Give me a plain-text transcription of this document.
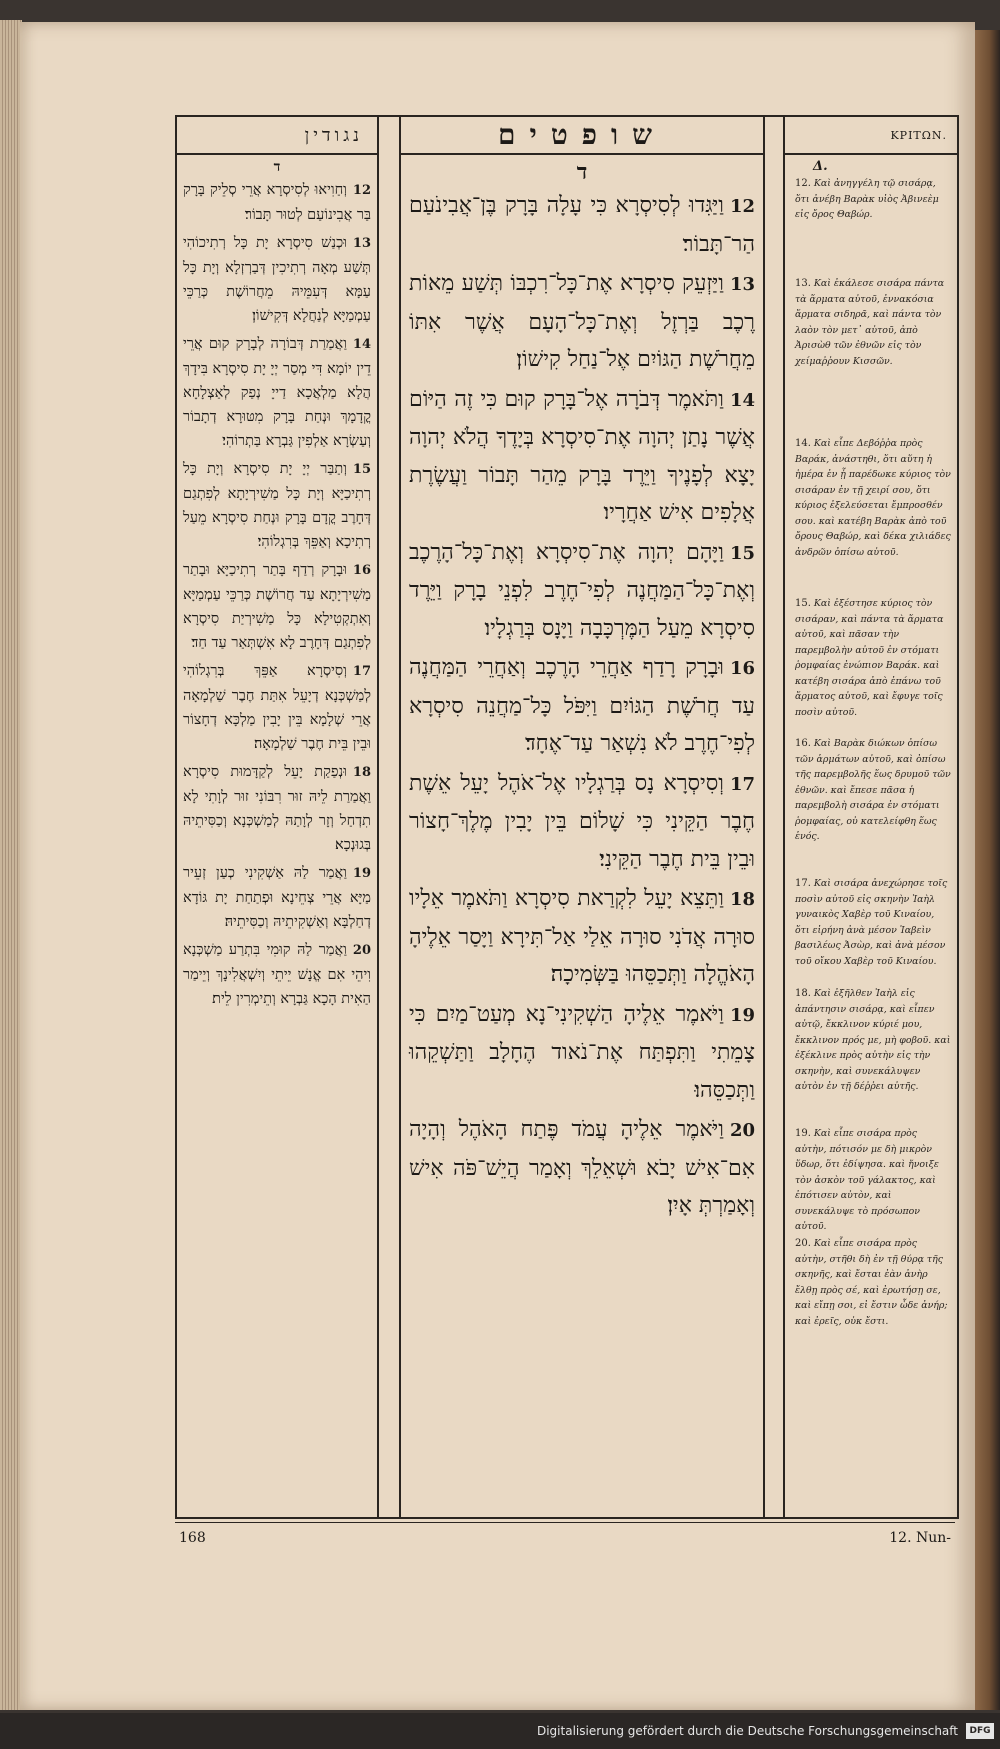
נגודין
ד
12וְחַוִיאוּ לְסִיסְרָא אֲרֵי סְלֵיק בָּרָק בַּר אֲבִינוֹעַם לְטוּר תָּבוֹר׃
13וּכְנַשׁ סִיסְרָא יָת כָּל רְתִיכוֹהִי תְּשַׁע מְאָה רְתִיכִין דְּבַרְזְלָא וְיָת כָּל עַמָּא דְּעִמֵּיהּ מֵחֲרוֹשֶׁת כְּרַכֵּי עַמְמַיָּא לְנַחֲלָא דְּקִישׁוֹן׃
14וַאֲמַרַת דְּבוֹרָה לְבָרָק קוּם אֲרֵי דֵין יוֹמָא דִּי מְסַר יְיָ יָת סִיסְרָא בִּידָךְ הֲלָא מַלְאֲכָא דַייָ נְפַק לְאַצְלָחָא קֳדָמָךְ וּנְחַת בָּרָק מִטּוּרָא דְתָבוֹר וְעַשְׂרָא אַלְפִין גַּבְרָא בַּתְרוֹהִי׃
15וְתַבַּר יְיָ יָת סִיסְרָא וְיָת כָּל רְתִיכַיָּא וְיָת כָּל מַשִׁירְיָתָא לְפִתְגַם דְּחָרֶב קֳדָם בָּרָק וּנְחַת סִיסְרָא מֵעַל רְתִיכָא וְאַפֵּךְ בְּרִגְלוֹהִי׃
16וּבָרָק רְדַף בָּתַר רְתִיכַיָּא וּבָתַר מַשִׁירְיָתָא עַד חֲרוֹשֶׁת כְּרַכֵּי עַמְמַיָּא וְאִתְקְטִילָא כָּל מַשִׁירְיַת סִיסְרָא לְפִתְגַם דְּחָרֶב לָא אִשְׁתְּאַר עַד חַד׃
17וְסִיסְרָא אַפֵּךְ בְּרִגְלוֹהִי לְמַשְׁכְּנָא דְיָעֵל אִתַּת חֶבֶר שַׁלְמָאָה אֲרֵי שְׁלָמָא בֵּין יָבִין מַלְכָּא דְחָצוֹר וּבֵין בֵּית חֶבֶר שַׁלְמָאָה׃
18וּנְפַקַת יָעֵל לְקַדָּמוּת סִיסְרָא וַאֲמַרַת לֵיהּ זוּר רִבּוֹנִי זוּר לְוָתִי לָא תִדְחַל וְזָר לְוָתַהּ לְמַשְׁכְּנָא וְכַסִּיתֵיהּ בְּגוּנְכָא׃
19וַאֲמַר לַהּ אַשְׁקִינִי כְעַן זְעֵיר מַיָּא אֲרֵי צְחֵינָא וּפְתַחַת יָת גּוֹדָא דְחַלְבָּא וְאַשְׁקִיתֵיהּ וְכַסִּיתֵיהּ׃
20וַאֲמַר לַהּ קוּמִי בִּתְרַע מַשְׁכְּנָא וִיהֵי אִם אֱנָשׁ יֵיתֵי וְיִשְׁאֲלִינָךְ וְיֵימַר הַאִית הָכָא גַּבְרָא וְתֵימְרִין לֵית׃
שופטים
ד
12וַיַּגִּדוּ לְסִיסְרָא כִּי עָלָה בָּרָק בֶּן־אֲבִינֹעַם הַר־תָּבוֹר׃
13וַיַּזְעֵק סִיסְרָא אֶת־כָּל־רִכְבּוֹ תְּשַׁע מֵאוֹת רֶכֶב בַּרְזֶל וְאֶת־כָּל־הָעָם אֲשֶׁר אִתּוֹ מֵחֲרֹשֶׁת הַגּוֹיִם אֶל־נַחַל קִישׁוֹן׃
14וַתֹּאמֶר דְּבֹרָה אֶל־בָּרָק קוּם כִּי זֶה הַיּוֹם אֲשֶׁר נָתַן יְהוָה אֶת־סִיסְרָא בְּיָדֶךָ הֲלֹא יְהוָה יָצָא לְפָנֶיךָ וַיֵּרֶד בָּרָק מֵהַר תָּבוֹר וַעֲשֶׂרֶת אֲלָפִים אִישׁ אַחֲרָיו׃
15וַיָּהָם יְהוָה אֶת־סִיסְרָא וְאֶת־כָּל־הָרֶכֶב וְאֶת־כָּל־הַמַּחֲנֶה לְפִי־חֶרֶב לִפְנֵי בָרָק וַיֵּרֶד סִיסְרָא מֵעַל הַמֶּרְכָּבָה וַיָּנָס בְּרַגְלָיו׃
16וּבָרָק רָדַף אַחֲרֵי הָרֶכֶב וְאַחֲרֵי הַמַּחֲנֶה עַד חֲרֹשֶׁת הַגּוֹיִם וַיִּפֹּל כָּל־מַחֲנֵה סִיסְרָא לְפִי־חֶרֶב לֹא נִשְׁאַר עַד־אֶחָד׃
17וְסִיסְרָא נָס בְּרַגְלָיו אֶל־אֹהֶל יָעֵל אֵשֶׁת חֶבֶר הַקֵּינִי כִּי שָׁלוֹם בֵּין יָבִין מֶלֶךְ־חָצוֹר וּבֵין בֵּית חֶבֶר הַקֵּינִי׃
18וַתֵּצֵא יָעֵל לִקְרַאת סִיסְרָא וַתֹּאמֶר אֵלָיו סוּרָה אֲדֹנִי סוּרָה אֵלַי אַל־תִּירָא וַיָּסַר אֵלֶיהָ הָאֹהֱלָה וַתְּכַסֵּהוּ בַּשְּׂמִיכָה׃
19וַיֹּאמֶר אֵלֶיהָ הַשְׁקִינִי־נָא מְעַט־מַיִם כִּי צָמֵתִי וַתִּפְתַּח אֶת־נֹאוד הֶחָלָב וַתַּשְׁקֵהוּ וַתְּכַסֵּהוּ׃
20וַיֹּאמֶר אֵלֶיהָ עֲמֹד פֶּתַח הָאֹהֶל וְהָיָה אִם־אִישׁ יָבֹא וּשְׁאֵלֵךְ וְאָמַר הֲיֵשׁ־פֹּה אִישׁ וְאָמַרְתְּ אָיִן׃
ΚΡΙΤΩΝ.
Δ.
12. Καὶ ἀνηγγέλη τῷ σισάρᾳ, ὅτι ἀνέβη Βαρὰκ υἱὸς Ἀβινεὲμ εἰς ὄρος Θαβώρ.
13. Καὶ ἐκάλεσε σισάρα πάντα τὰ ἅρματα αὐτοῦ, ἐννακόσια ἅρματα σιδηρᾶ, καὶ πάντα τὸν λαὸν τὸν μετ᾽ αὐτοῦ, ἀπὸ Ἀρισὼθ τῶν ἐθνῶν εἰς τὸν χείμαῤῥουν Κισσῶν.
14. Καὶ εἶπε Δεβόῤῥα πρὸς Βαράκ, ἀνάστηθι, ὅτι αὕτη ἡ ἡμέρα ἐν ᾗ παρέδωκε κύριος τὸν σισάραν ἐν τῇ χειρί σου, ὅτι κύριος ἐξελεύσεται ἔμπροσθέν σου. καὶ κατέβη Βαρὰκ ἀπὸ τοῦ ὄρους Θαβώρ, καὶ δέκα χιλιάδες ἀνδρῶν ὀπίσω αὐτοῦ.
15. Καὶ ἐξέστησε κύριος τὸν σισάραν, καὶ πάντα τὰ ἅρματα αὐτοῦ, καὶ πᾶσαν τὴν παρεμβολὴν αὐτοῦ ἐν στόματι ῥομφαίας ἐνώπιον Βαράκ. καὶ κατέβη σισάρα ἀπὸ ἐπάνω τοῦ ἅρματος αὐτοῦ, καὶ ἔφυγε τοῖς ποσὶν αὐτοῦ.
16. Καὶ Βαρὰκ διώκων ὀπίσω τῶν ἁρμάτων αὐτοῦ, καὶ ὀπίσω τῆς παρεμβολῆς ἕως δρυμοῦ τῶν ἐθνῶν. καὶ ἔπεσε πᾶσα ἡ παρεμβολὴ σισάρα ἐν στόματι ῥομφαίας, οὐ κατελείφθη ἕως ἑνός.
17. Καὶ σισάρα ἀνεχώρησε τοῖς ποσὶν αὐτοῦ εἰς σκηνὴν Ἰαὴλ γυναικὸς Χαβὲρ τοῦ Κιναίου, ὅτι εἰρήνη ἀνὰ μέσον Ἰαβεὶν βασιλέως Ἀσὼρ, καὶ ἀνὰ μέσον τοῦ οἴκου Χαβὲρ τοῦ Κιναίου.
18. Καὶ ἐξῆλθεν Ἰαὴλ εἰς ἀπάντησιν σισάρᾳ, καὶ εἶπεν αὐτῷ, ἔκκλινον κύριέ μου, ἔκκλινον πρός με, μὴ φοβοῦ. καὶ ἐξέκλινε πρὸς αὐτὴν εἰς τὴν σκηνὴν, καὶ συνεκάλυψεν αὐτὸν ἐν τῇ δέῤῥει αὐτῆς.
19. Καὶ εἶπε σισάρα πρὸς αὐτὴν, πότισόν με δὴ μικρὸν ὕδωρ, ὅτι ἐδίψησα. καὶ ἤνοιξε τὸν ἀσκὸν τοῦ γάλακτος, καὶ ἐπότισεν αὐτὸν, καὶ συνεκάλυψε τὸ πρόσωπον αὐτοῦ.
20. Καὶ εἶπε σισάρα πρὸς αὐτὴν, στῆθι δὴ ἐν τῇ θύρᾳ τῆς σκηνῆς, καὶ ἔσται ἐὰν ἀνὴρ ἔλθῃ πρὸς σέ, καὶ ἐρωτήσῃ σε, καὶ εἴπῃ σοι, εἰ ἔστιν ὧδε ἀνήρ; καὶ ἐρεῖς, οὐκ ἔστι.
168	12. Nun-
Digitalisierung gefördert durch die Deutsche Forschungsgemeinschaft	DFG
